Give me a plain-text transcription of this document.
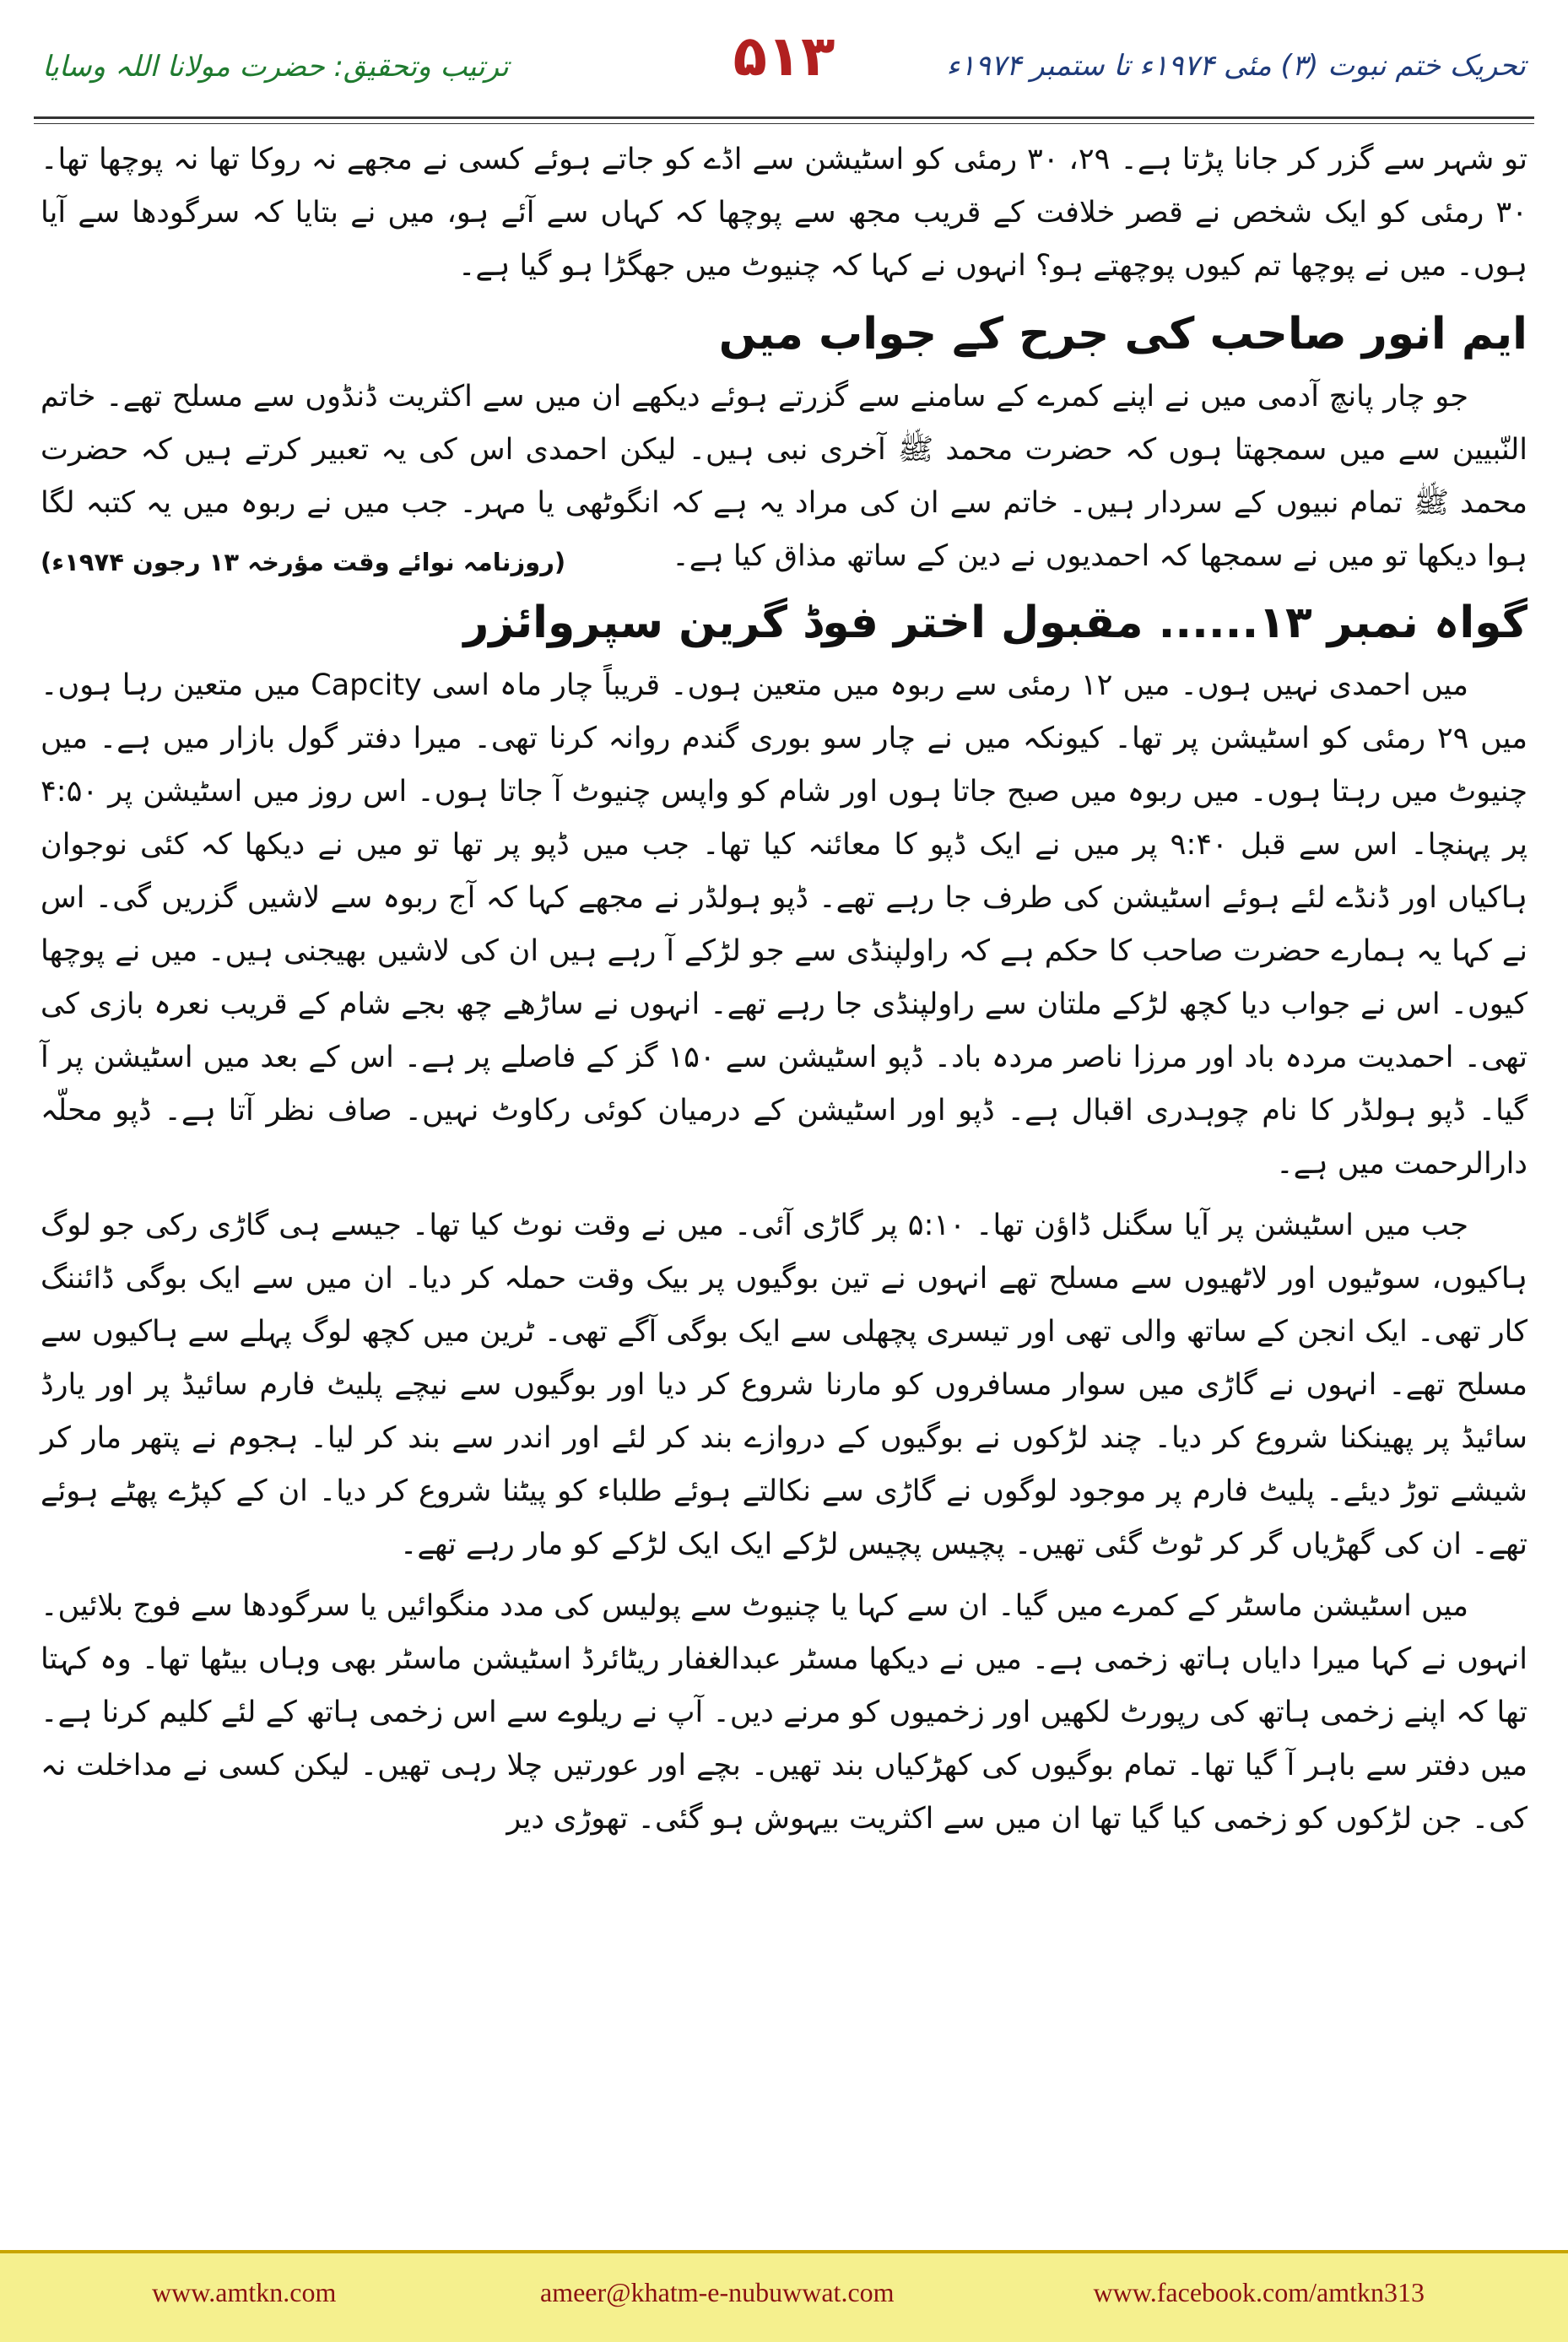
تحریک ختم نبوت (۳) مئی ۱۹۷۴ء تا ستمبر ۱۹۷۴ء
۵۱۳
ترتیب وتحقیق: حضرت مولانا اللہ وسایا

تو شہر سے گزر کر جانا پڑتا ہے۔ ۲۹، ۳۰ رمئی کو اسٹیشن سے اڈے کو جاتے ہوئے کسی نے مجھے نہ روکا تھا نہ پوچھا تھا۔ ۳۰ رمئی کو ایک شخص نے قصر خلافت کے قریب مجھ سے پوچھا کہ کہاں سے آئے ہو، میں نے بتایا کہ سرگودھا سے آیا ہوں۔ میں نے پوچھا تم کیوں پوچھتے ہو؟ انہوں نے کہا کہ چنیوٹ میں جھگڑا ہو گیا ہے۔

ایم انور صاحب کی جرح کے جواب میں

جو چار پانچ آدمی میں نے اپنے کمرے کے سامنے سے گزرتے ہوئے دیکھے ان میں سے اکثریت ڈنڈوں سے مسلح تھے۔ خاتم النّبیین سے میں سمجھتا ہوں کہ حضرت محمد ﷺ آخری نبی ہیں۔ لیکن احمدی اس کی یہ تعبیر کرتے ہیں کہ حضرت محمد ﷺ تمام نبیوں کے سردار ہیں۔ خاتم سے ان کی مراد یہ ہے کہ انگوٹھی یا مہر۔ جب میں نے ربوہ میں یہ کتبہ لگا ہوا دیکھا تو میں نے سمجھا کہ احمدیوں نے دین کے ساتھ مذاق کیا ہے۔

(روزنامہ نوائے وقت مؤرخہ ۱۳ رجون ۱۹۷۴ء)
گواہ نمبر ۱۳...... مقبول اختر فوڈ گرین سپروائزر

میں احمدی نہیں ہوں۔ میں ۱۲ رمئی سے ربوہ میں متعین ہوں۔ قریباً چار ماہ اسی Capcity میں متعین رہا ہوں۔ میں ۲۹ رمئی کو اسٹیشن پر تھا۔ کیونکہ میں نے چار سو بوری گندم روانہ کرنا تھی۔ میرا دفتر گول بازار میں ہے۔ میں چنیوٹ میں رہتا ہوں۔ میں ربوہ میں صبح جاتا ہوں اور شام کو واپس چنیوٹ آ جاتا ہوں۔ اس روز میں اسٹیشن پر ۴:۵۰ پر پہنچا۔ اس سے قبل ۹:۴۰ پر میں نے ایک ڈپو کا معائنہ کیا تھا۔ جب میں ڈپو پر تھا تو میں نے دیکھا کہ کئی نوجوان ہاکیاں اور ڈنڈے لئے ہوئے اسٹیشن کی طرف جا رہے تھے۔ ڈپو ہولڈر نے مجھے کہا کہ آج ربوہ سے لاشیں گزریں گی۔ اس نے کہا یہ ہمارے حضرت صاحب کا حکم ہے کہ راولپنڈی سے جو لڑکے آ رہے ہیں ان کی لاشیں بھیجنی ہیں۔ میں نے پوچھا کیوں۔ اس نے جواب دیا کچھ لڑکے ملتان سے راولپنڈی جا رہے تھے۔ انہوں نے ساڑھے چھ بجے شام کے قریب نعرہ بازی کی تھی۔ احمدیت مردہ باد اور مرزا ناصر مردہ باد۔ ڈپو اسٹیشن سے ۱۵۰ گز کے فاصلے پر ہے۔ اس کے بعد میں اسٹیشن پر آ گیا۔ ڈپو ہولڈر کا نام چوہدری اقبال ہے۔ ڈپو اور اسٹیشن کے درمیان کوئی رکاوٹ نہیں۔ صاف نظر آتا ہے۔ ڈپو محلّہ دارالرحمت میں ہے۔

جب میں اسٹیشن پر آیا سگنل ڈاؤن تھا۔ ۵:۱۰ پر گاڑی آئی۔ میں نے وقت نوٹ کیا تھا۔ جیسے ہی گاڑی رکی جو لوگ ہاکیوں، سوٹیوں اور لاٹھیوں سے مسلح تھے انہوں نے تین بوگیوں پر بیک وقت حملہ کر دیا۔ ان میں سے ایک بوگی ڈائننگ کار تھی۔ ایک انجن کے ساتھ والی تھی اور تیسری پچھلی سے ایک بوگی آگے تھی۔ ٹرین میں کچھ لوگ پہلے سے ہاکیوں سے مسلح تھے۔ انہوں نے گاڑی میں سوار مسافروں کو مارنا شروع کر دیا اور بوگیوں سے نیچے پلیٹ فارم سائیڈ پر اور یارڈ سائیڈ پر پھینکنا شروع کر دیا۔ چند لڑکوں نے بوگیوں کے دروازے بند کر لئے اور اندر سے بند کر لیا۔ ہجوم نے پتھر مار کر شیشے توڑ دیئے۔ پلیٹ فارم پر موجود لوگوں نے گاڑی سے نکالتے ہوئے طلباء کو پیٹنا شروع کر دیا۔ ان کے کپڑے پھٹے ہوئے تھے۔ ان کی گھڑیاں گر کر ٹوٹ گئی تھیں۔ پچیس پچیس لڑکے ایک ایک لڑکے کو مار رہے تھے۔

میں اسٹیشن ماسٹر کے کمرے میں گیا۔ ان سے کہا یا چنیوٹ سے پولیس کی مدد منگوائیں یا سرگودھا سے فوج بلائیں۔ انہوں نے کہا میرا دایاں ہاتھ زخمی ہے۔ میں نے دیکھا مسٹر عبدالغفار ریٹائرڈ اسٹیشن ماسٹر بھی وہاں بیٹھا تھا۔ وہ کہتا تھا کہ اپنے زخمی ہاتھ کی رپورٹ لکھیں اور زخمیوں کو مرنے دیں۔ آپ نے ریلوے سے اس زخمی ہاتھ کے لئے کلیم کرنا ہے۔ میں دفتر سے باہر آ گیا تھا۔ تمام بوگیوں کی کھڑکیاں بند تھیں۔ بچے اور عورتیں چلا رہی تھیں۔ لیکن کسی نے مداخلت نہ کی۔ جن لڑکوں کو زخمی کیا گیا تھا ان میں سے اکثریت بیہوش ہو گئی۔ تھوڑی دیر

www.amtkn.com	ameer@khatm-e-nubuwwat.com	www.facebook.com/amtkn313
